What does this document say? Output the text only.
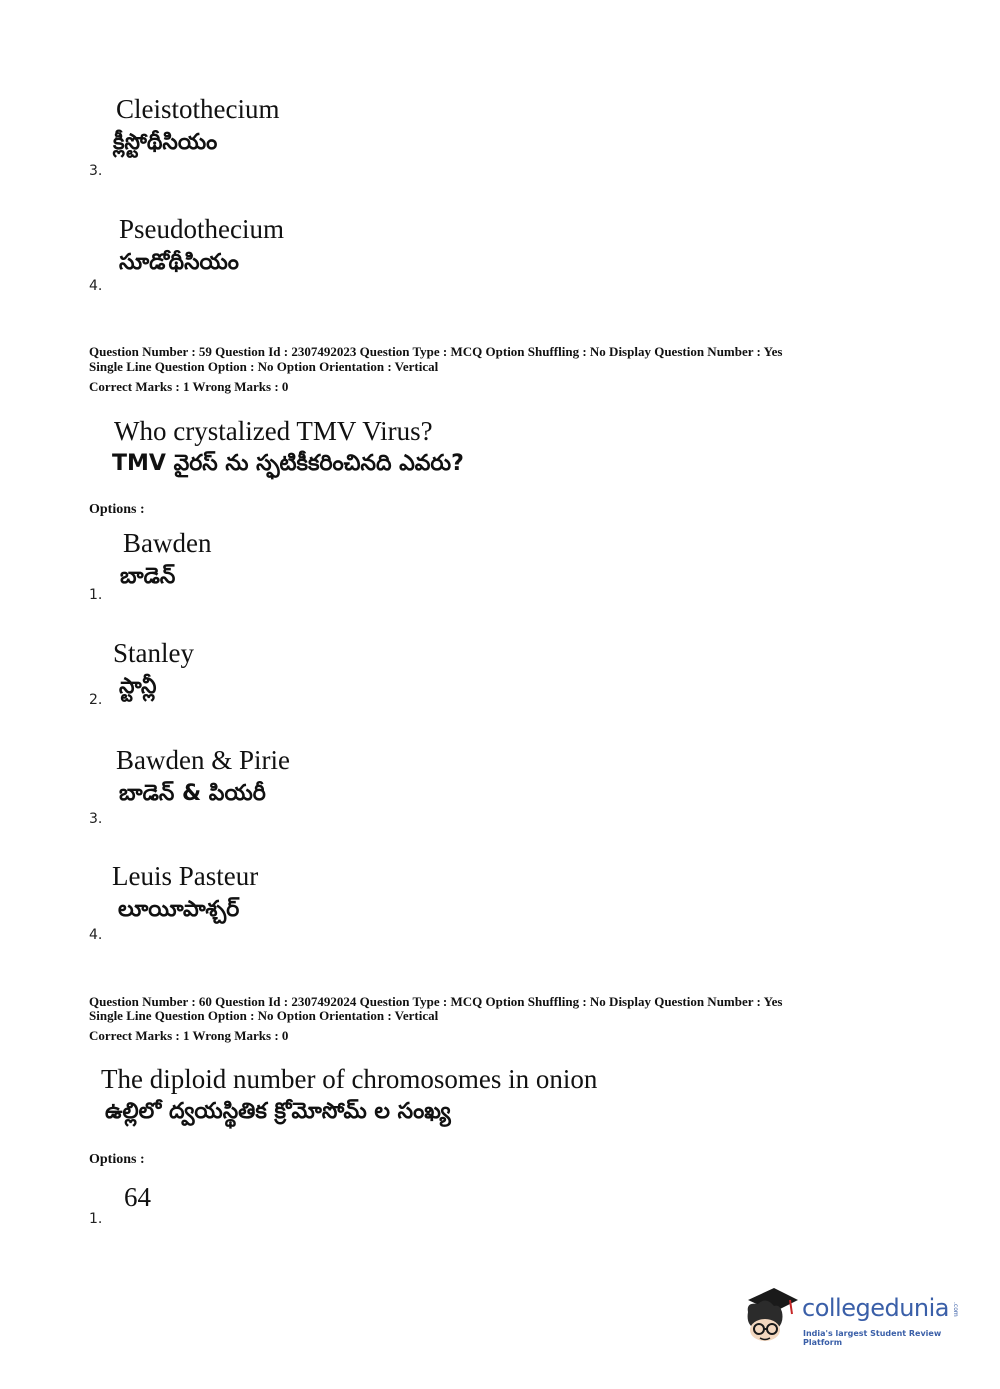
Cleistothecium
క్లీస్టోథీసియం
3.
Pseudothecium
సూడోథీసియం
4.
Question Number : 59 Question Id : 2307492023 Question Type : MCQ Option Shuffling : No Display Question Number : Yes
Single Line Question Option : No Option Orientation : Vertical
Correct Marks : 1 Wrong Marks : 0
Who crystalized TMV Virus?
TMV వైరస్ ను స్ఫటికీకరించినది ఎవరు?
Options :
Bawden
బాడెన్
1.
Stanley
స్టాన్లీ
2.
Bawden & Pirie
బాడెన్ & పియరీ
3.
Leuis Pasteur
లూయీపాశ్చర్
4.
Question Number : 60 Question Id : 2307492024 Question Type : MCQ Option Shuffling : No Display Question Number : Yes
Single Line Question Option : No Option Orientation : Vertical
Correct Marks : 1 Wrong Marks : 0
The diploid number of chromosomes in onion
ఉల్లిలో ద్వయస్థితిక క్రోమోసోమ్ ల సంఖ్య
Options :
64
1.
collegedunia .com
India's largest Student Review Platform
